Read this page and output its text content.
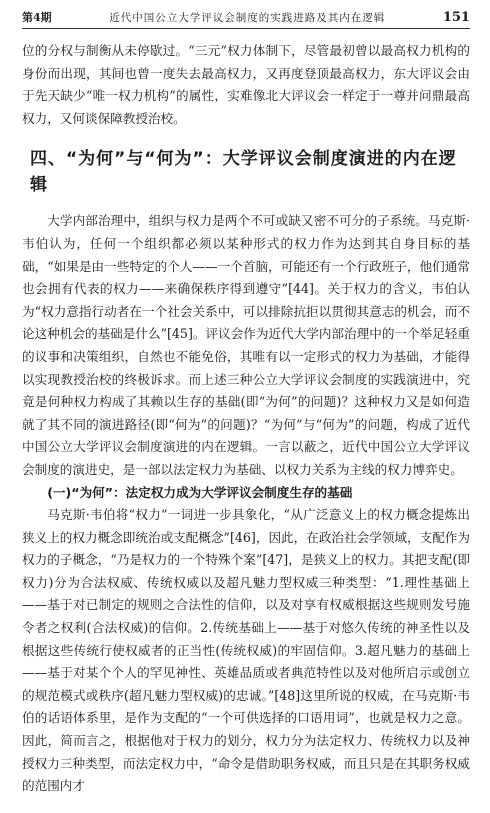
第4期	近代中国公立大学评议会制度的实践进路及其内在逻辑	151

位的分权与制衡从未停歇过。“三元”权力体制下，尽管最初曾以最高权力机构的身份而出现，其间也曾一度失去最高权力，又再度登顶最高权力，东大评议会由于先天缺少“唯一权力机构”的属性，实难像北大评议会一样定于一尊并问鼎最高权力，又何谈保障教授治校。

四、“为何”与“何为”：大学评议会制度演进的内在逻辑

大学内部治理中，组织与权力是两个不可或缺又密不可分的子系统。马克斯·韦伯认为，任何一个组织都必须以某种形式的权力作为达到其自身目标的基础，“如果是由一些特定的个人——一个首脑，可能还有一个行政班子，他们通常也会拥有代表的权力——来确保秩序得到遵守”[44]。关于权力的含义，韦伯认为“权力意指行动者在一个社会关系中，可以排除抗拒以贯彻其意志的机会，而不论这种机会的基础是什么”[45]。评议会作为近代大学内部治理中的一个举足轻重的议事和决策组织，自然也不能免俗，其唯有以一定形式的权力为基础，才能得以实现教授治校的终极诉求。而上述三种公立大学评议会制度的实践演进中，究竟是何种权力构成了其赖以生存的基础(即“为何”的问题)？这种权力又是如何造就了其不同的演进路径(即“何为”的问题)？“为何”与“何为”的问题，构成了近代中国公立大学评议会制度演进的内在逻辑。一言以蔽之，近代中国公立大学评议会制度的演进史，是一部以法定权力为基础、以权力关系为主线的权力博弈史。

(一)“为何”：法定权力成为大学评议会制度生存的基础

马克斯·韦伯将“权力”一词进一步具象化，“从广泛意义上的权力概念提炼出狭义上的权力概念即统治或支配概念”[46]，因此，在政治社会学领域，支配作为权力的子概念，“乃是权力的一个特殊个案”[47]，是狭义上的权力。其把支配(即权力)分为合法权威、传统权威以及超凡魅力型权威三种类型：“1.理性基础上——基于对已制定的规则之合法性的信仰，以及对享有权威根据这些规则发号施令者之权利(合法权威)的信仰。2.传统基础上——基于对悠久传统的神圣性以及根据这些传统行使权威者的正当性(传统权威)的牢固信仰。3.超凡魅力的基础上——基于对某个个人的罕见神性、英雄品质或者典范特性以及对他所启示或创立的规范模式或秩序(超凡魅力型权威)的忠诚。”[48]这里所说的权威，在马克斯·韦伯的话语体系里，是作为支配的“一个可供选择的口语用词”，也就是权力之意。因此，简而言之，根据他对于权力的划分，权力分为法定权力、传统权力以及神授权力三种类型，而法定权力中，“命令是借助职务权威，而且只是在其职务权威的范围内才
